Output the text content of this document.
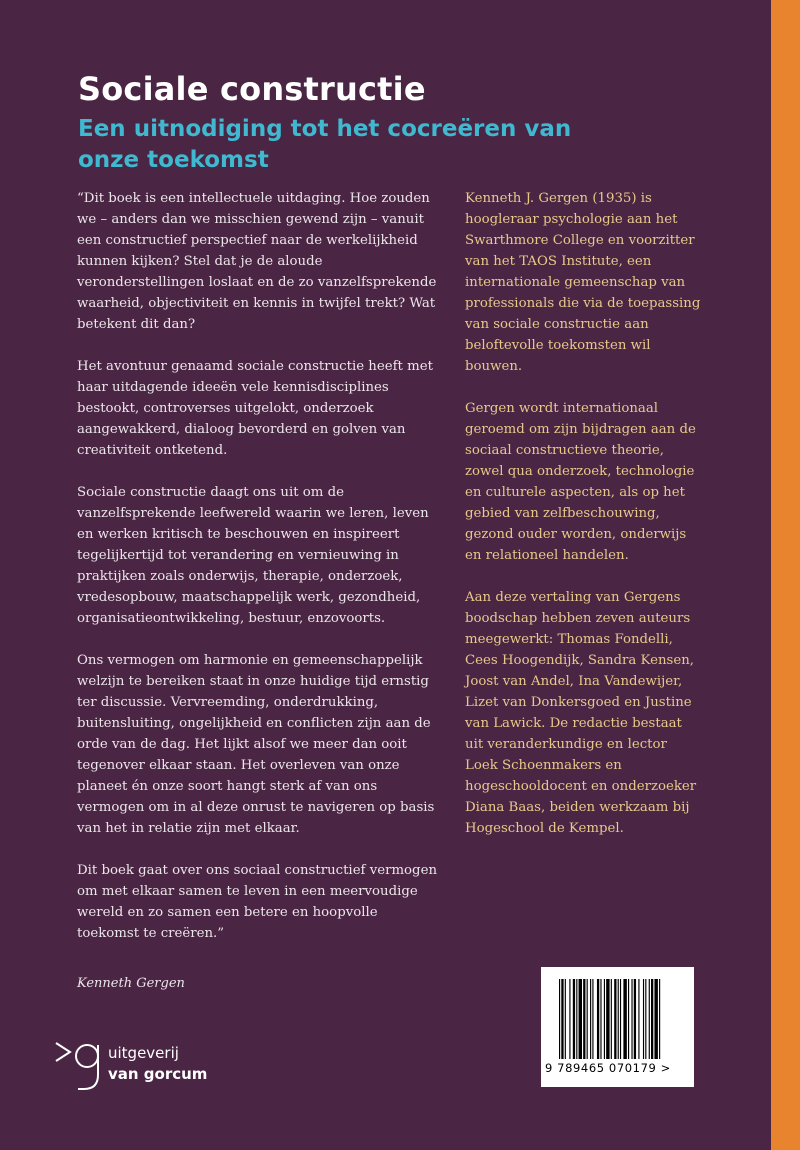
Sociale constructie
Een uitnodiging tot het cocreëren van onze toekomst

“Dit boek is een intellectuele uitdaging. Hoe zouden we – anders dan we misschien gewend zijn – vanuit een constructief perspectief naar de werkelijkheid kunnen kijken? Stel dat je de aloude veronderstellingen loslaat en de zo vanzelfsprekende waarheid, objectiviteit en kennis in twijfel trekt? Wat betekent dit dan?

Het avontuur genaamd sociale constructie heeft met haar uitdagende ideeën vele kennisdisciplines bestookt, controverses uitgelokt, onderzoek aangewakkerd, dialoog bevorderd en golven van creativiteit ontketend.

Sociale constructie daagt ons uit om de vanzelfsprekende leefwereld waarin we leren, leven en werken kritisch te beschouwen en inspireert tegelijkertijd tot verandering en vernieuwing in praktijken zoals onderwijs, therapie, onderzoek, vredesopbouw, maatschappelijk werk, gezondheid, organisatieontwikkeling, bestuur, enzovoorts.

Ons vermogen om harmonie en gemeenschappelijk welzijn te bereiken staat in onze huidige tijd ernstig ter discussie. Vervreemding, onderdrukking, buitensluiting, ongelijkheid en conflicten zijn aan de orde van de dag. Het lijkt alsof we meer dan ooit tegenover elkaar staan. Het overleven van onze planeet én onze soort hangt sterk af van ons vermogen om in al deze onrust te navigeren op basis van het in relatie zijn met elkaar.

Dit boek gaat over ons sociaal constructief vermogen om met elkaar samen te leven in een meervoudige wereld en zo samen een betere en hoopvolle toekomst te creëren.”

Kenneth Gergen

Kenneth J. Gergen (1935) is hoogleraar psychologie aan het Swarthmore College en voorzitter van het TAOS Institute, een internationale gemeenschap van professionals die via de toepassing van sociale constructie aan beloftevolle toekomsten wil bouwen.

Gergen wordt internationaal geroemd om zijn bijdragen aan de sociaal constructieve theorie, zowel qua onderzoek, technologie en culturele aspecten, als op het gebied van zelfbeschouwing, gezond ouder worden, onderwijs en relationeel handelen.

Aan deze vertaling van Gergens boodschap hebben zeven auteurs meegewerkt: Thomas Fondelli, Cees Hoogendijk, Sandra Kensen, Joost van Andel, Ina Vandewijer, Lizet van Donkersgoed en Justine van Lawick. De redactie bestaat uit veranderkundige en lector Loek Schoenmakers en hogeschooldocent en onderzoeker Diana Baas, beiden werkzaam bij Hogeschool de Kempel.

9 789465 070179 >
uitgeverij
van gorcum
